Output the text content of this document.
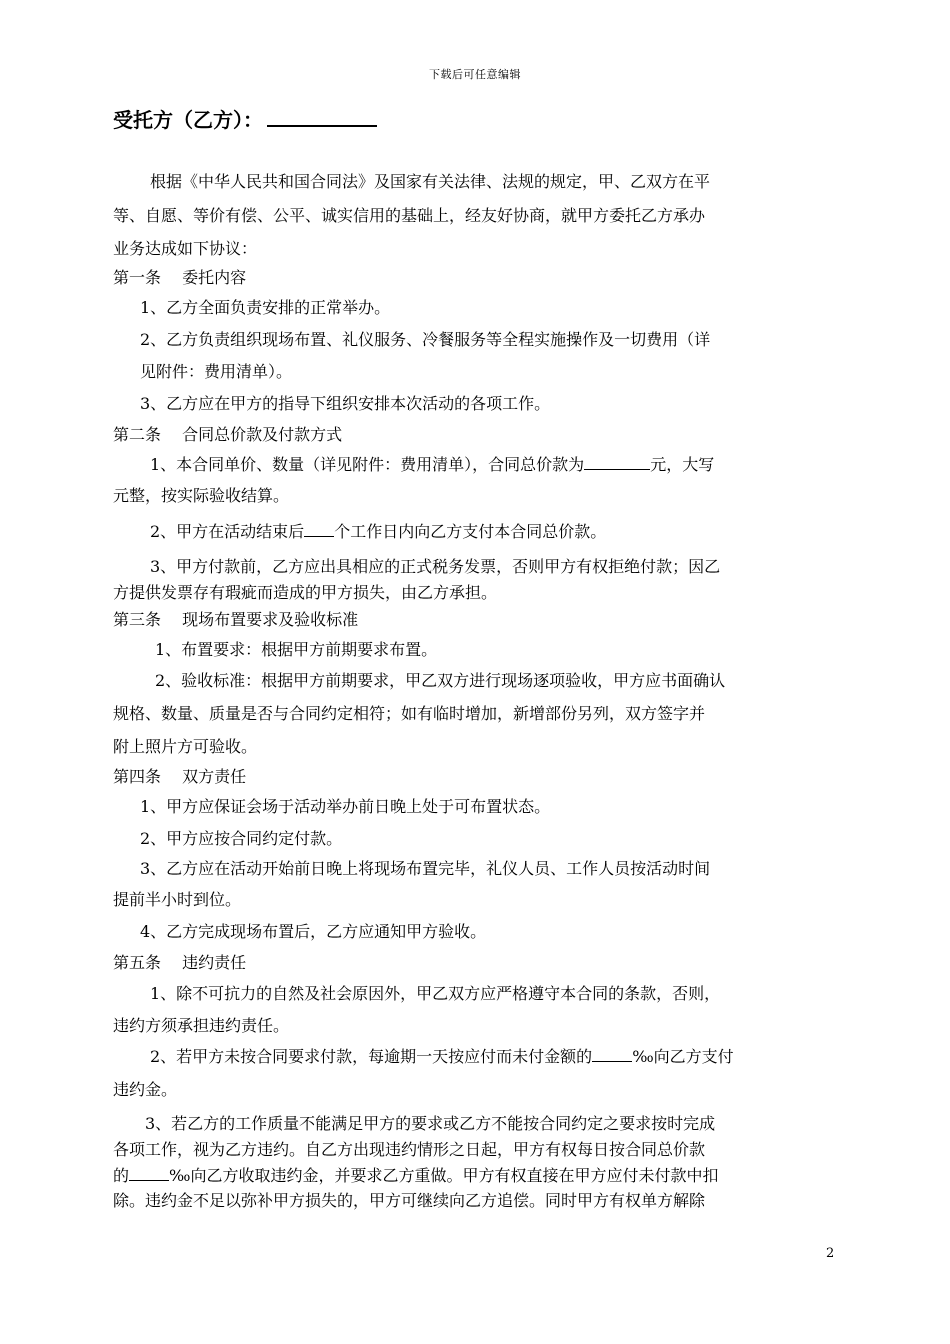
下载后可任意编辑
受托方（乙方）：
根据《中华人民共和国合同法》及国家有关法律、法规的规定，甲、乙双方在平
等、自愿、等价有偿、公平、诚实信用的基础上，经友好协商，就甲方委托乙方承办
业务达成如下协议：
第一条　 委托内容
1、乙方全面负责安排的正常举办。
2、乙方负责组织现场布置、礼仪服务、冷餐服务等全程实施操作及一切费用（详
见附件：费用清单）。
3、乙方应在甲方的指导下组织安排本次活动的各项工作。
第二条　 合同总价款及付款方式
1、本合同单价、数量（详见附件：费用清单），合同总价款为	元，大写
元整，按实际验收结算。
2、甲方在活动结束后 个工作日内向乙方支付本合同总价款。
3、甲方付款前，乙方应出具相应的正式税务发票，否则甲方有权拒绝付款；因乙
方提供发票存有瑕疵而造成的甲方损失，由乙方承担。
第三条　 现场布置要求及验收标准
1、布置要求：根据甲方前期要求布置。
2、验收标准：根据甲方前期要求，甲乙双方进行现场逐项验收，甲方应书面确认
规格、数量、质量是否与合同约定相符；如有临时增加，新增部份另列，双方签字并
附上照片方可验收。
第四条　 双方责任
1、甲方应保证会场于活动举办前日晚上处于可布置状态。
2、甲方应按合同约定付款。
3、乙方应在活动开始前日晚上将现场布置完毕，礼仪人员、工作人员按活动时间
提前半小时到位。
4、乙方完成现场布置后，乙方应通知甲方验收。
第五条　 违约责任
1、除不可抗力的自然及社会原因外，甲乙双方应严格遵守本合同的条款，否则，
违约方须承担违约责任。
2、若甲方未按合同要求付款，每逾期一天按应付而未付金额的	‰向乙方支付
违约金。
3、若乙方的工作质量不能满足甲方的要求或乙方不能按合同约定之要求按时完成
各项工作，视为乙方违约。自乙方出现违约情形之日起，甲方有权每日按合同总价款
的	‰向乙方收取违约金，并要求乙方重做。甲方有权直接在甲方应付未付款中扣
除。违约金不足以弥补甲方损失的，甲方可继续向乙方追偿。同时甲方有权单方解除
2
